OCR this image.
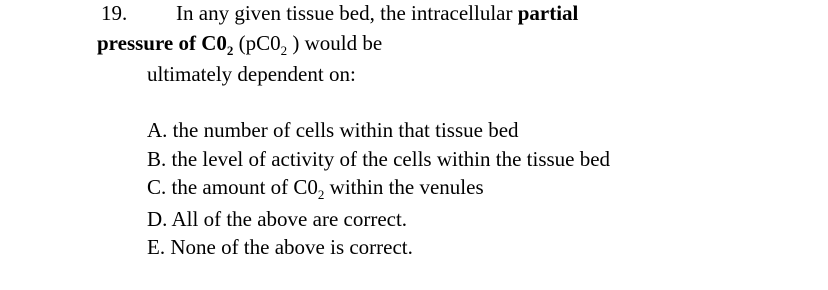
19. In any given tissue bed, the intracellular partial
pressure of $C0_2$ ($pC0_2$ ) would be
ultimately dependent on:
A. the number of cells within that tissue bed
B. the level of activity of the cells within the tissue bed
C. the amount of $C0_2$ within the venules
D. All of the above are correct.
E. None of the above is correct.
